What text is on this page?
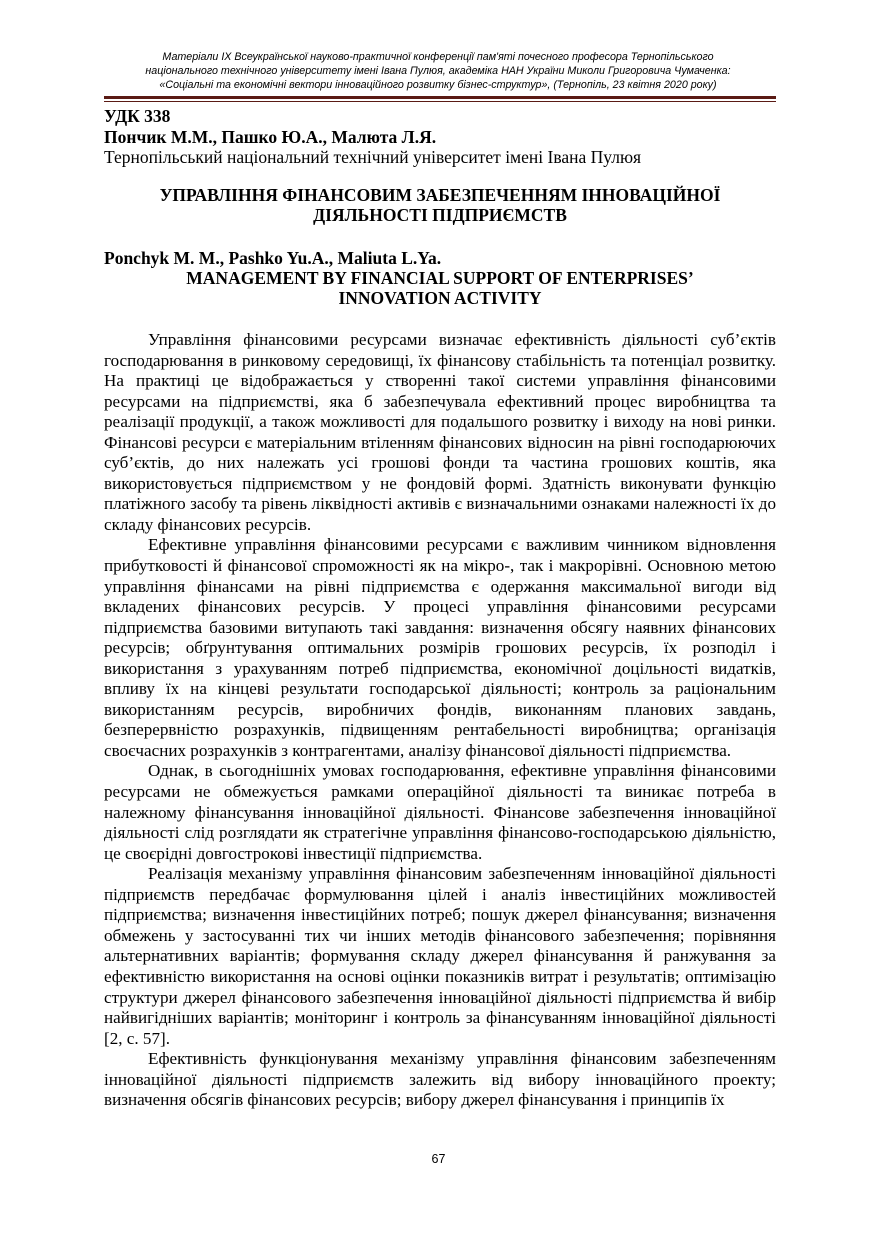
Матеріали IX Всеукраїнської науково-практичної конференції пам'яті почесного професора Тернопільського
національного технічного університету імені Івана Пулюя, академіка НАН України Миколи Григоровича Чумаченка:
«Соціальні та економічні вектори інноваційного розвитку бізнес-структур», (Тернопіль, 23 квітня 2020 року)
УДК 338
Пончик М.М., Пашко Ю.А., Малюта Л.Я.
Тернопільський національний технічний університет імені Івана Пулюя
УПРАВЛІННЯ ФІНАНСОВИМ ЗАБЕЗПЕЧЕННЯМ ІННОВАЦІЙНОЇ
ДІЯЛЬНОСТІ ПІДПРИЄМСТВ
Ponchyk M. M., Pashko Yu.A., Maliuta L.Ya.
MANAGEMENT BY FINANCIAL SUPPORT OF ENTERPRISES’
INNOVATION ACTIVITY

Управління фінансовими ресурсами визначає ефективність діяльності суб’єктів господарювання в ринковому середовищі, їх фінансову стабільність та потенціал розвитку. На практиці це відображається у створенні такої системи управління фінансовими ресурсами на підприємстві, яка б забезпечувала ефективний процес виробництва та реалізації продукції, а також можливості для подальшого розвитку і виходу на нові ринки. Фінансові ресурси є матеріальним втіленням фінансових відносин на рівні господарюючих суб’єктів, до них належать усі грошові фонди та частина грошових коштів, яка використовується підприємством у не фондовій формі. Здатність виконувати функцію платіжного засобу та рівень ліквідності активів є визначальними ознаками належності їх до складу фінансових ресурсів.

Ефективне управління фінансовими ресурсами є важливим чинником відновлення прибутковості й фінансової спроможності як на мікро-, так і макрорівні. Основною метою управління фінансами на рівні підприємства є одержання максимальної вигоди від вкладених фінансових ресурсів. У процесі управління фінансовими ресурсами підприємства базовими витупають такі завдання: визначення обсягу наявних фінансових ресурсів; обґрунтування оптимальних розмірів грошових ресурсів, їх розподіл і використання з урахуванням потреб підприємства, економічної доцільності видатків, впливу їх на кінцеві результати господарської діяльності; контроль за раціональним використанням ресурсів, виробничих фондів, виконанням планових завдань, безперервністю розрахунків, підвищенням рентабельності виробництва; організація своєчасних розрахунків з контрагентами, аналізу фінансової діяльності підприємства.

Однак, в сьогоднішніх умовах господарювання, ефективне управління фінансовими ресурсами не обмежується рамками операційної діяльності та виникає потреба в належному фінансування інноваційної діяльності. Фінансове забезпечення інноваційної діяльності слід розглядати як стратегічне управління фінансово-господарською діяльністю, це своєрідні довгострокові інвестиції підприємства.

Реалізація механізму управління фінансовим забезпеченням інноваційної діяльності підприємств передбачає формулювання цілей і аналіз інвестиційних можливостей підприємства; визначення інвестиційних потреб; пошук джерел фінансування; визначення обмежень у застосуванні тих чи інших методів фінансового забезпечення; порівняння альтернативних варіантів; формування складу джерел фінансування й ранжування за ефективністю використання на основі оцінки показників витрат і результатів; оптимізацію структури джерел фінансового забезпечення інноваційної діяльності підприємства й вибір найвигідніших варіантів; моніторинг і контроль за фінансуванням інноваційної діяльності [2, с. 57].

Ефективність функціонування механізму управління фінансовим забезпеченням інноваційної діяльності підприємств залежить від вибору інноваційного проекту; визначення обсягів фінансових ресурсів; вибору джерел фінансування і принципів їх

67
